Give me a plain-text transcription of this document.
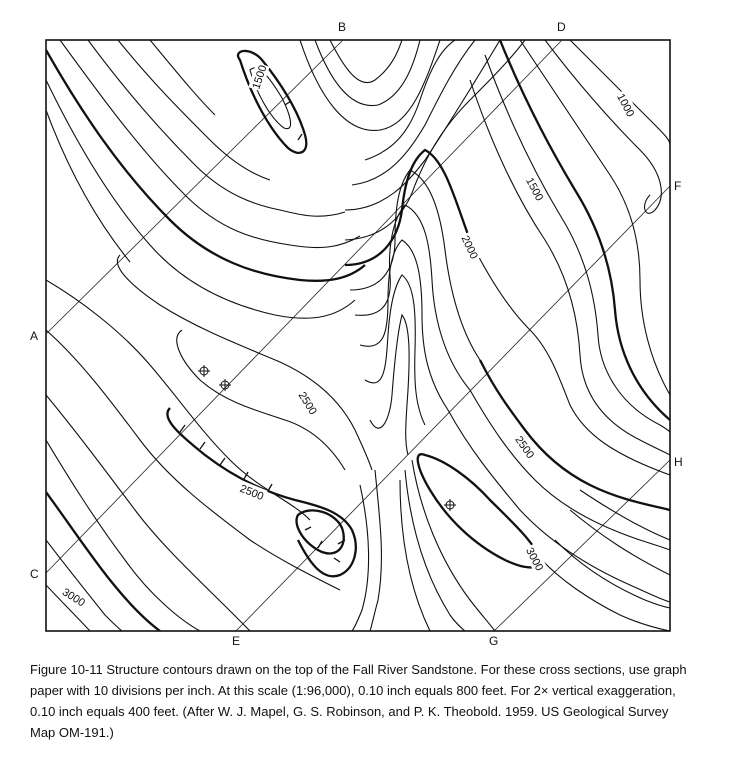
1500
1000
1500
2000
2500
2500
2500
3000
3000
A
B
C
D
E
F
G
H

Figure 10-11 Structure contours drawn on the top of the Fall River Sandstone. For these cross sections, use graph paper with 10 divisions per inch. At this scale (1:96,000), 0.10 inch equals 800 feet. For 2× vertical exaggeration, 0.10 inch equals 400 feet. (After W. J. Mapel, G. S. Robinson, and P. K. Theobold. 1959. US Geological Survey Map OM-191.)
